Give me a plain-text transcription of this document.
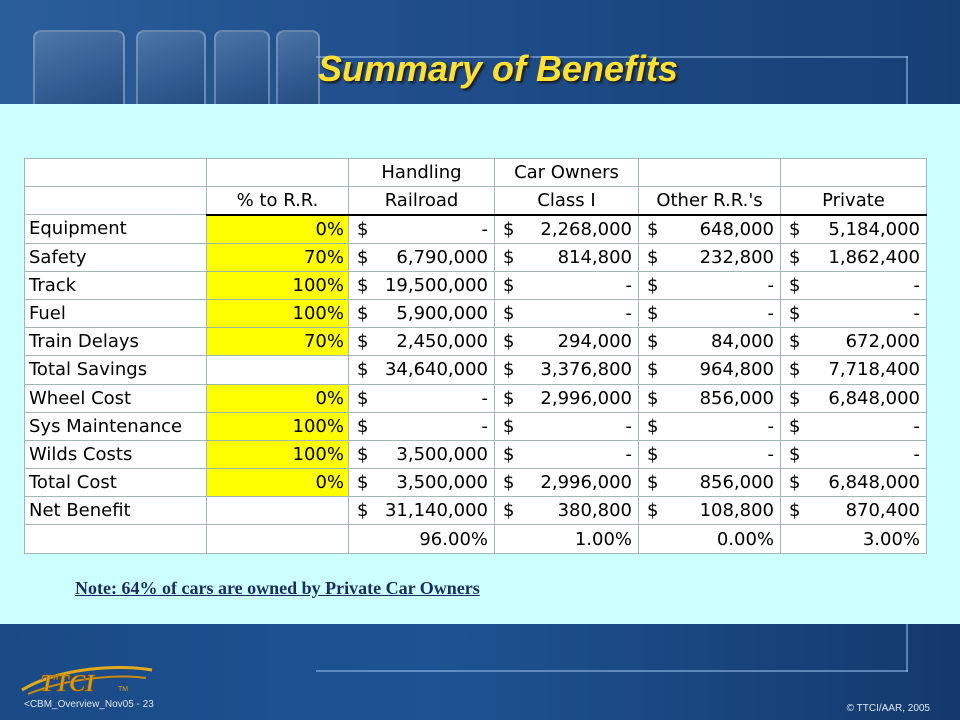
Summary of Benefits
		Handling	Car Owners		
	% to R.R.	Railroad	Class I	Other R.R.'s	Private
Equipment	0%	$ -	$ 2,268,000	$ 648,000	$ 5,184,000

Safety	70%	$ 6,790,000	$ 814,800	$ 232,800	$ 1,862,400

Track	100%	$ 19,500,000	$ -	$ -	$ -

Fuel	100%	$ 5,900,000	$ -	$ -	$ -

Train Delays	70%	$ 2,450,000	$ 294,000	$ 84,000	$ 672,000

Total Savings		$ 34,640,000	$ 3,376,800	$ 964,800	$ 7,718,400

Wheel Cost	0%	$ -	$ 2,996,000	$ 856,000	$ 6,848,000

Sys Maintenance	100%	$ -	$ -	$ -	$ -

Wilds Costs	100%	$ 3,500,000	$ -	$ -	$ -

Total Cost	0%	$ 3,500,000	$ 2,996,000	$ 856,000	$ 6,848,000

Net Benefit		$ 31,140,000	$ 380,800	$ 108,800	$ 870,400

		96.00%	1.00%	0.00%	3.00%
Note: 64% of cars are owned by Private Car Owners
TTCI	TM
<CBM_Overview_Nov05 - 23	© TTCI/AAR, 2005
